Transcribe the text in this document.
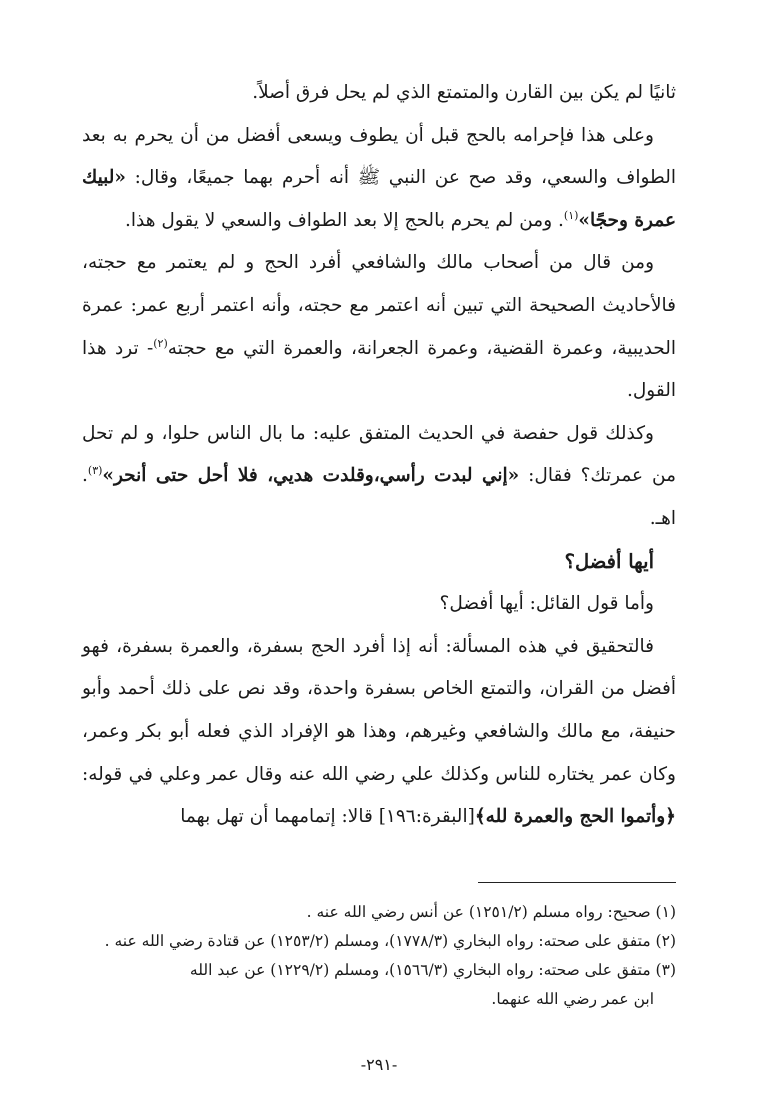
ثانيًا لم يكن بين القارن والمتمتع الذي لم يحل فرق أصلاً.

وعلى هذا فإحرامه بالحج قبل أن يطوف ويسعى أفضل من أن يحرم به بعد الطواف والسعي، وقد صح عن النبي ﷺ أنه أحرم بهما جميعًا، وقال: «لبيك عمرة وحجًا»$^{(١)}$. ومن لم يحرم بالحج إلا بعد الطواف والسعي لا يقول هذا.

ومن قال من أصحاب مالك والشافعي أفرد الحج و لم يعتمر مع حجته، فالأحاديث الصحيحة التي تبين أنه اعتمر مع حجته، وأنه اعتمر أربع عمر: عمرة الحديبية، وعمرة القضية، وعمرة الجعرانة، والعمرة التي مع حجته$^{(٢)}$- ترد هذا القول.

وكذلك قول حفصة في الحديث المتفق عليه: ما بال الناس حلوا، و لم تحل من عمرتك؟ فقال: «إني لبدت رأسي،وقلدت هديي، فلا أحل حتى أنحر»$^{(٣)}$. اهـ.

أيها أفضل؟

وأما قول القائل: أيها أفضل؟

فالتحقيق في هذه المسألة: أنه إذا أفرد الحج بسفرة، والعمرة بسفرة، فهو أفضل من القران، والتمتع الخاص بسفرة واحدة، وقد نص على ذلك أحمد وأبو حنيفة، مع مالك والشافعي وغيرهم، وهذا هو الإفراد الذي فعله أبو بكر وعمر، وكان عمر يختاره للناس وكذلك علي رضي الله عنه وقال عمر وعلي في قوله: ﴿وأتموا الحج والعمرة لله﴾[البقرة:١٩٦] قالا: إتمامهما أن تهل بهما

(١) صحيح: رواه مسلم (١٢٥١/٢) عن أنس رضي الله عنه .

(٢) متفق على صحته: رواه البخاري (١٧٧٨/٣)، ومسلم (١٢٥٣/٢) عن قتادة رضي الله عنه .

(٣) متفق على صحته: رواه البخاري (١٥٦٦/٣)، ومسلم (١٢٢٩/٢) عن عبد الله

ابن عمر رضي الله عنهما.

-٢٩١-
